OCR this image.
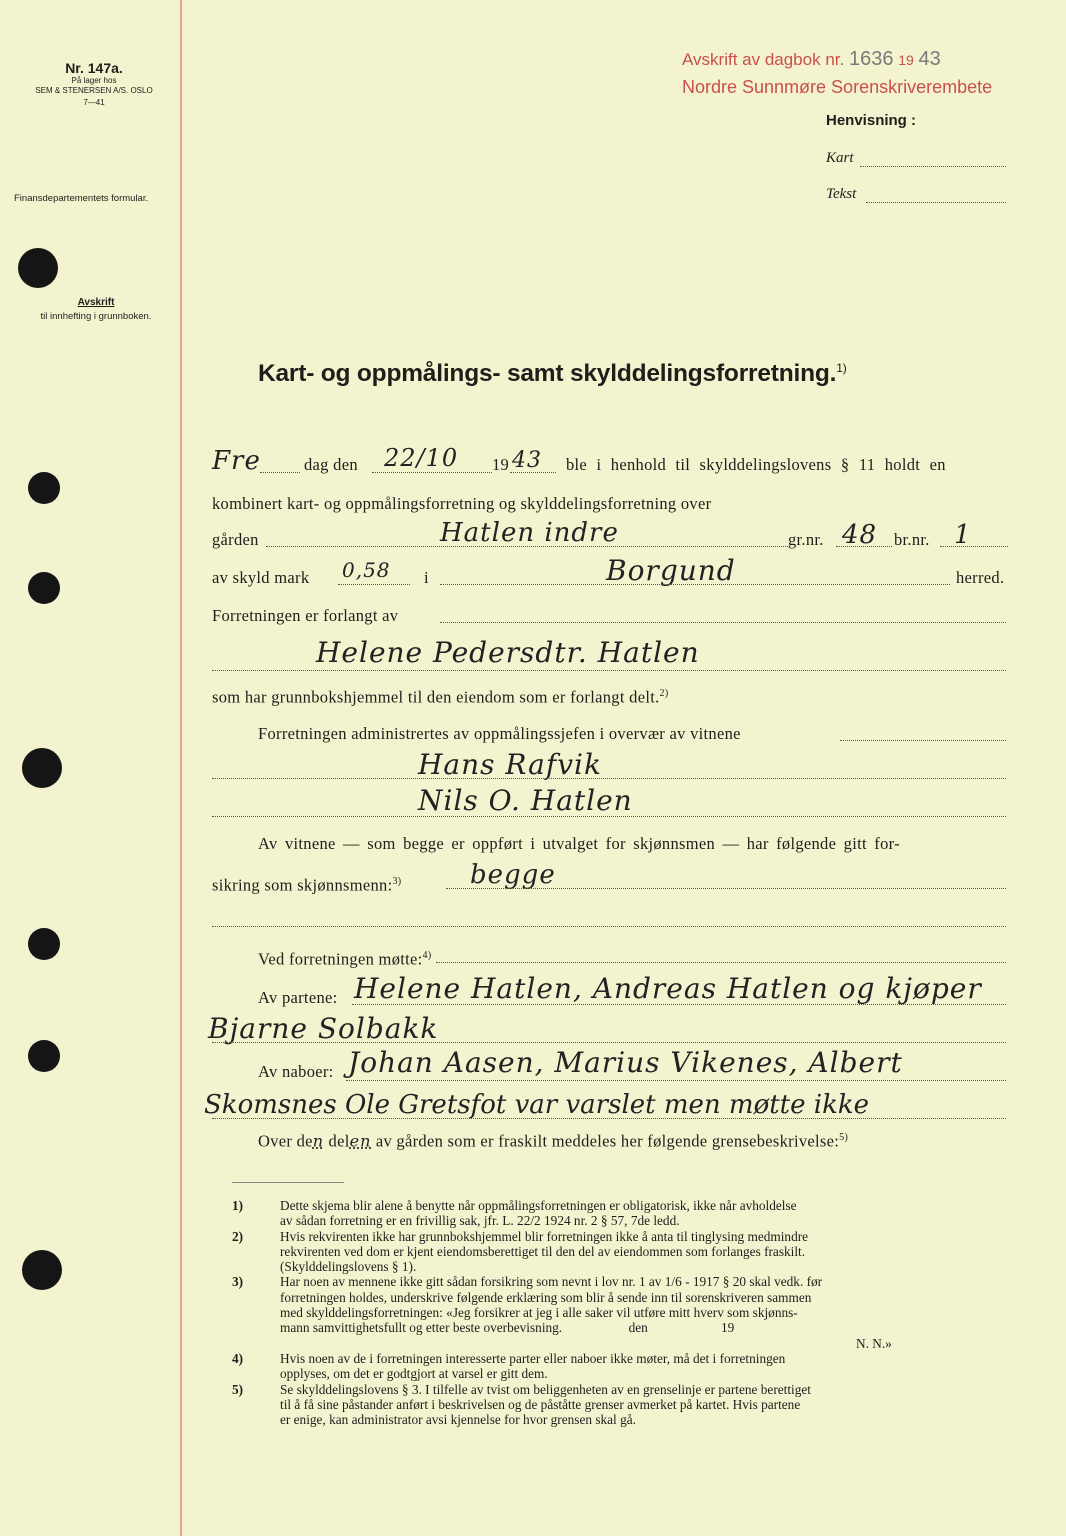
Nr. 147a.
På lager hos
SEM & STENERSEN A/S. OSLO
7—41
Finansdepartementets formular.
Avskrift
til innhefting i grunnboken.
Avskrift av dagbok nr. 1636 19 43
Nordre Sunnmøre Sorenskriverembete
Henvisning :
Kart
Tekst
Kart- og oppmålings- samt skylddelingsforretning.$^{1)}$
Fre	dag den 22/10 19 43 ble i henhold til skylddelingslovens § 11 holdt en
kombinert kart- og oppmålingsforretning og skylddelingsforretning over
gården	Hatlen indre	gr.nr. 48 br.nr. 1
av skyld mark 0,58 i	Borgund	herred.
Forretningen er forlangt av
Helene Pedersdtr. Hatlen
som har grunnbokshjemmel til den eiendom som er forlangt delt.$^{2)}$
Forretningen administrertes av oppmålingssjefen i overvær av vitnene
Hans Rafvik
Nils O. Hatlen
Av vitnene — som begge er oppført i utvalget for skjønnsmen — har følgende gitt for-
sikring som skjønnsmenn:$^{3)}$	begge
Ved forretningen møtte:$^{4)}$
Av partene: Helene Hatlen, Andreas Hatlen og kjøper
Bjarne Solbakk
Av naboer: Johan Aasen, Marius Vikenes, Albert
Skomsnes Ole Gretsfot var varslet men møtte ikke
Over den delen av gården som er fraskilt meddeles her følgende grensebeskrivelse:$^{5)}$
1)	Dette skjema blir alene å benytte når oppmålingsforretningen er obligatorisk, ikke når avholdelse
av sådan forretning er en frivillig sak, jfr. L. 22/2 1924 nr. 2 § 57, 7de ledd.
2)	Hvis rekvirenten ikke har grunnbokshjemmel blir forretningen ikke å anta til tinglysing medmindre
rekvirenten ved dom er kjent eiendomsberettiget til den del av eiendommen som forlanges fraskilt.
(Skylddelingslovens § 1).
3)	Har noen av mennene ikke gitt sådan forsikring som nevnt i lov nr. 1 av 1/6 - 1917 § 20 skal vedk. før
forretningen holdes, underskrive følgende erklæring som blir å sende inn til sorenskriveren sammen
med skylddelingsforretningen: «Jeg forsikrer at jeg i alle saker vil utføre mitt hverv som skjønns-
mann samvittighetsfullt og etter beste overbevisning.                    den                      19
N. N.»
4)	Hvis noen av de i forretningen interesserte parter eller naboer ikke møter, må det i forretningen
opplyses, om det er godtgjort at varsel er gitt dem.
5)	Se skylddelingslovens § 3. I tilfelle av tvist om beliggenheten av en grenselinje er partene berettiget
til å få sine påstander anført i beskrivelsen og de påståtte grenser avmerket på kartet. Hvis partene
er enige, kan administrator avsi kjennelse for hvor grensen skal gå.
